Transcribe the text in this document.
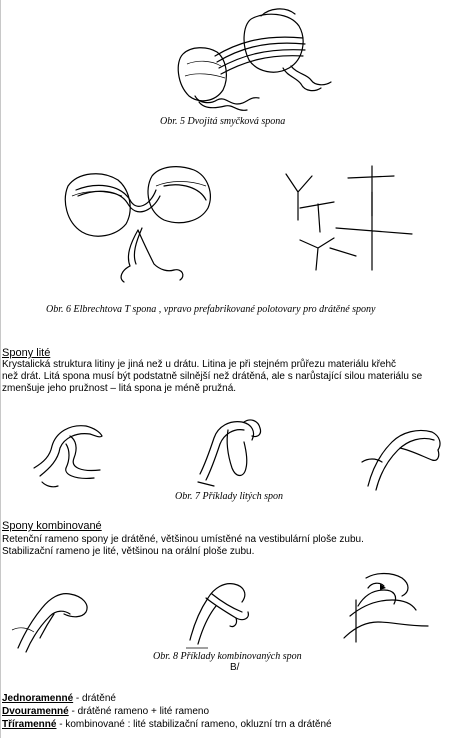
Obr. 5 Dvojitá smyčková spona
Obr. 6 Elbrechtova T spona , vpravo prefabrikované polotovary pro drátěné spony
Spony lité
Krystalická struktura litiny je jiná než u drátu. Litina je při stejném průřezu materiálu křehč
než drát. Litá spona musí být podstatně silnější než drátěná, ale s narůstající silou materiálu se
zmenšuje jeho pružnost – litá spona je méně pružná.
Obr. 7 Příklady litých spon
Spony kombinované
Retenční rameno spony je drátěné, většinou umístěné na vestibulární ploše zubu.
Stabilizační rameno je lité, většinou na orální ploše zubu.
Obr. 8 Příklady kombinovaných spon
B/
Jednoramenné - drátěné
Dvouramenné - drátěné rameno + lité rameno
Tříramenné - kombinované : lité stabilizační rameno, okluzní trn a drátěné
